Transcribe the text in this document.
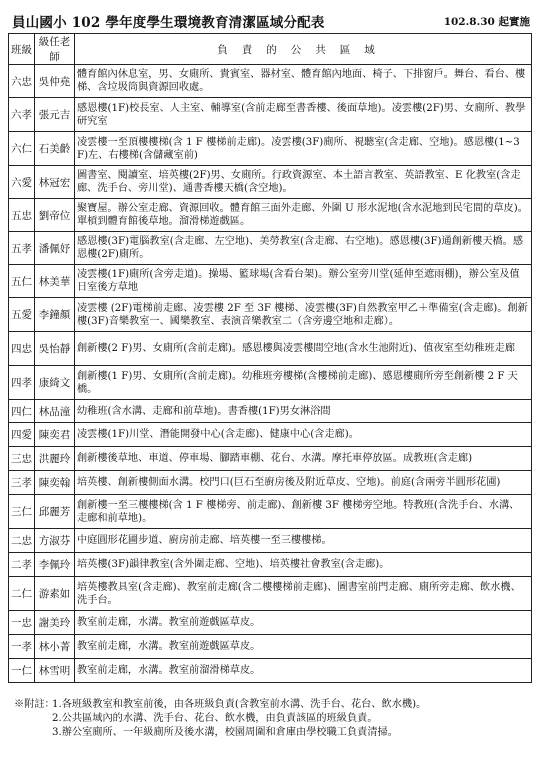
員山國小 102 學年度學生環境教育清潔區域分配表	102.8.30 起實施
班級	級任老師	負責的公共區域
六忠	吳仲堯	體育館內休息室，男、女廁所、貴賓室、器材室、體育館內地面、椅子、下排窗戶。舞台、看台、樓梯、含垃圾筒與資源回收處。
六孝	張元吉	感恩樓(1F)校長室、人主室、輔導室(含前走廊至書香樓、後面草地)。凌雲樓(2F)男、女廁所、教學研究室
六仁	石美齡	凌雲樓一至頂樓樓梯(含 1 F 樓梯前走廊)。凌雲樓(3F)廁所、視聽室(含走廊、空地)。感恩樓(1~3F)左、右樓梯(含儲藏室前)
六愛	林冠宏	圖書室、閱讀室、培英樓(2F)男、女廁所。行政資源室、本土語言教室、英語教室、E 化教室(含走廊、洗手台、旁川堂)、通書香樓天橋(含空地)。
五忠	劉帝位	聚寶屋。辦公室走廊、資源回收。體育館三面外走廊、外圍 U 形水泥地(含水泥地到民宅間的草皮)。單槓到體育館後草地。溜滑梯遊戲區。
五孝	潘佩妤	感恩樓(3F)電腦教室(含走廊、左空地)、美勞教室(含走廊、右空地)。感恩樓(3F)通創新樓天橋。感恩樓(2F)廁所。
五仁	林美華	凌雲樓(1F)廁所(含旁走道)。操場、籃球場(含看台架)。辦公室旁川堂(延伸至遮雨棚)，辦公室及值日室後方草地
五愛	李鐘顏	凌雲樓 (2F)電梯前走廊、凌雲樓 2F 至 3F 樓梯、凌雲樓(3F)自然教室甲乙＋準備室(含走廊)。創新樓(3F)音樂教室一、國樂教室、表演音樂教室二（含旁邊空地和走廊）。
四忠	吳怡靜	創新樓(2 F)男、女廁所(含前走廊)。感恩樓與凌雲樓間空地(含水生池附近)、值夜室至幼稚班走廊
四孝	康綺文	創新樓(1 F)男、女廁所(含前走廊)。幼稚班旁樓梯(含樓梯前走廊)、感恩樓廁所旁至創新樓 2 F 天橋。
四仁	林品潼	幼稚班(含水溝、走廊和前草地)。書香樓(1F)男女淋浴間
四愛	陳奕君	凌雲樓(1F)川堂、潛能開發中心(含走廊)、健康中心(含走廊)。
三忠	洪麗玲	創新樓後草地、車道、停車場、腳踏車棚、花台、水溝。摩托車停放區。成教班(含走廊)
三孝	陳奕翰	培英樓、創新樓側面水溝。校門口(巨石至廚房後及附近草皮、空地)。前庭(含兩旁半圓形花圃)
三仁	邱麗芳	創新樓一至三樓樓梯(含 1 F 樓梯旁、前走廊)、創新樓 3F 樓梯旁空地。特教班(含洗手台、水溝、走廊和前草地)。
二忠	方淑芬	中庭圓形花圃步道、廚房前走廊、培英樓一至三樓樓梯。
二孝	李佩玲	培英樓(3F)韻律教室(含外圍走廊、空地)、培英樓社會教室(含走廊)。
二仁	游素如	培英樓教具室(含走廊)、教室前走廊(含二樓樓梯前走廊)、圖書室前門走廊、廁所旁走廊、飲水機、洗手台。
一忠	謝美玲	教室前走廊，水溝。教室前遊戲區草皮。
一孝	林小菁	教室前走廊，水溝。教室前遊戲區草皮。
一仁	林雪明	教室前走廊，水溝。教室前溜滑梯草皮。
※附註：
1.各班級教室和教室前後，由各班級負責(含教室前水溝、洗手台、花台、飲水機)。
2.公共區域內的水溝、洗手台、花台、飲水機，由負責該區的班級負責。
3.辦公室廁所、一年級廁所及後水溝，校園周圍和倉庫由學校職工負責清掃。
